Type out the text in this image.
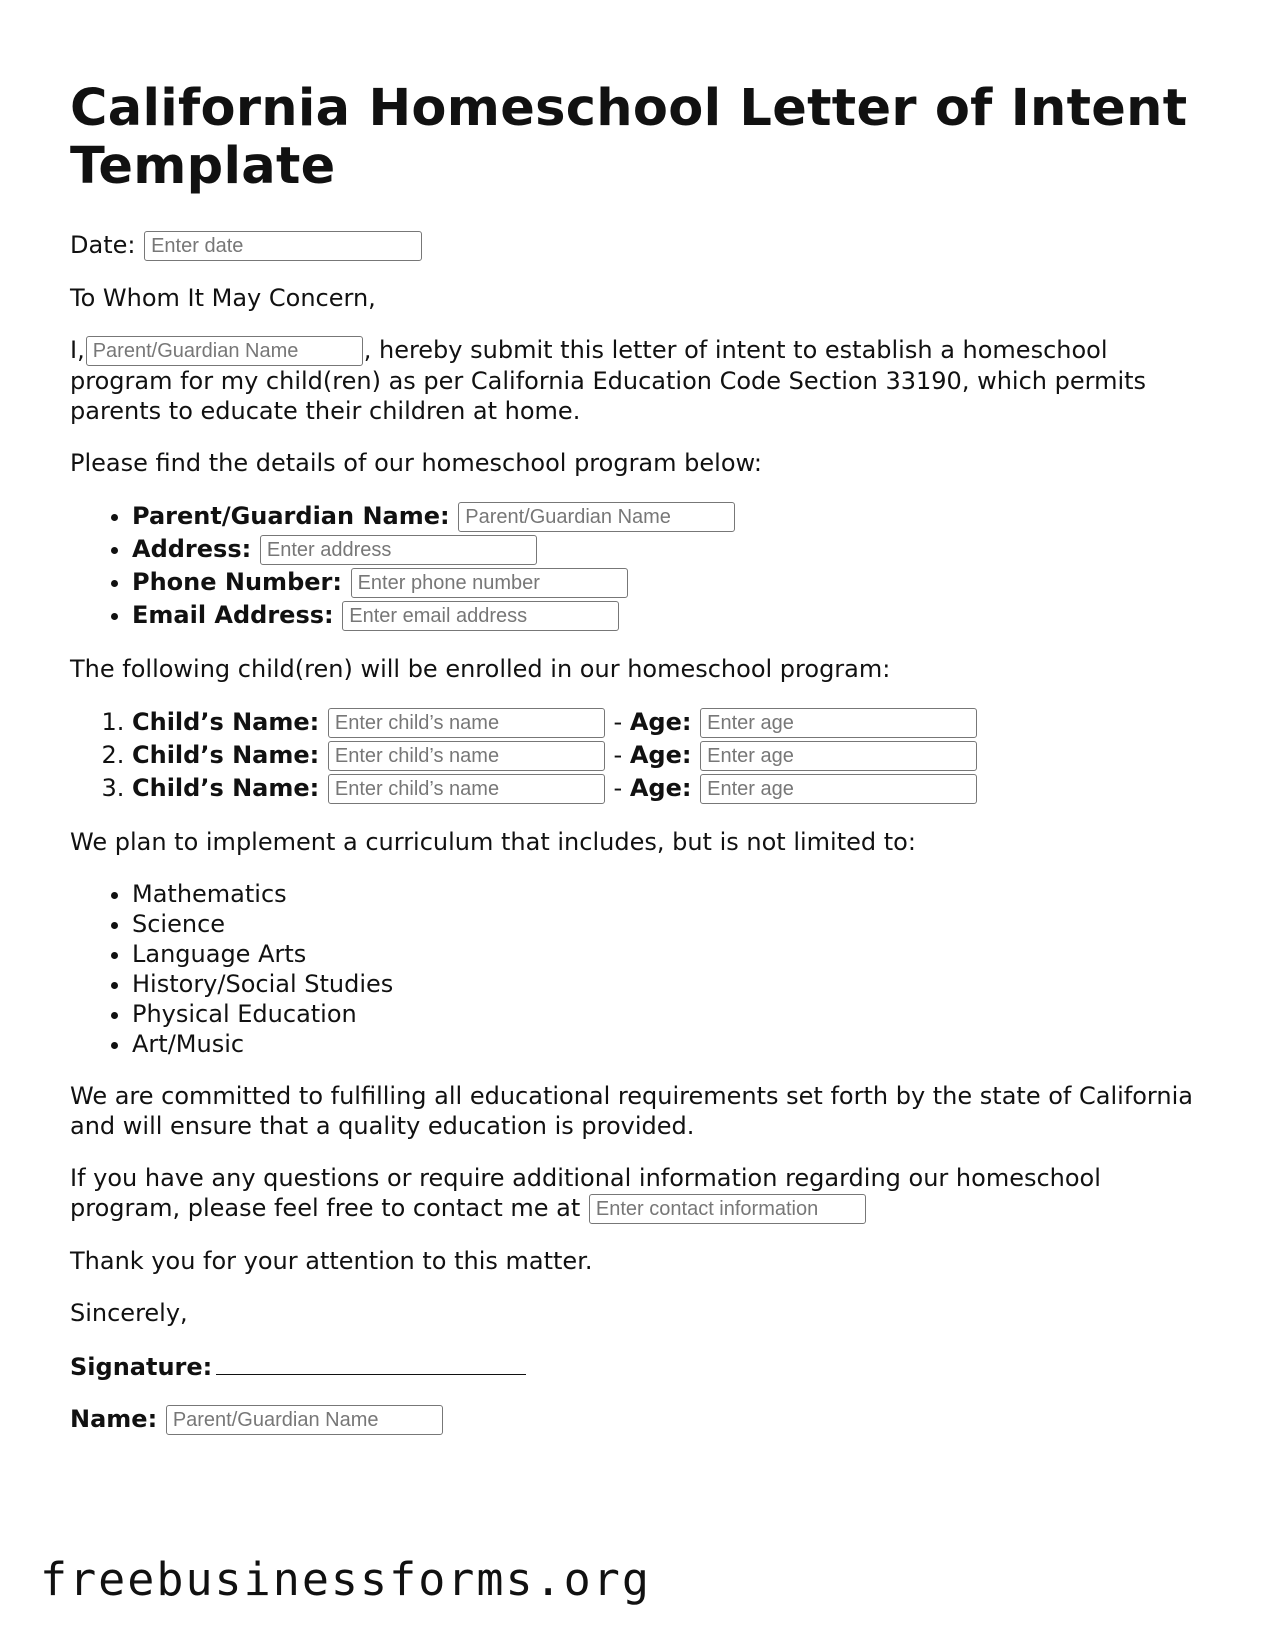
California Homeschool Letter of Intent Template

Date: Enter date

To Whom It May Concern,

I,Parent/Guardian Name	, hereby submit this letter of intent to establish a homeschool program for my child(ren) as per California Education Code Section 33190, which permits parents to educate their children at home.

Please find the details of our homeschool program below:

• Parent/Guardian Name: Parent/Guardian Name
• Address: Enter address
• Phone Number: Enter phone number
• Email Address: Enter email address

The following child(ren) will be enrolled in our homeschool program:

1. Child’s Name: Enter child’s name	- Age: Enter age
2. Child’s Name: Enter child’s name	- Age: Enter age
3. Child’s Name: Enter child’s name	- Age: Enter age

We plan to implement a curriculum that includes, but is not limited to:

• Mathematics
• Science
• Language Arts
• History/Social Studies
• Physical Education
• Art/Music

We are committed to fulfilling all educational requirements set forth by the state of California and will ensure that a quality education is provided.

If you have any questions or require additional information regarding our homeschool program, please feel free to contact me at Enter contact information

Thank you for your attention to this matter.

Sincerely,

Signature:

Name: Parent/Guardian Name

freebusinessforms.org
